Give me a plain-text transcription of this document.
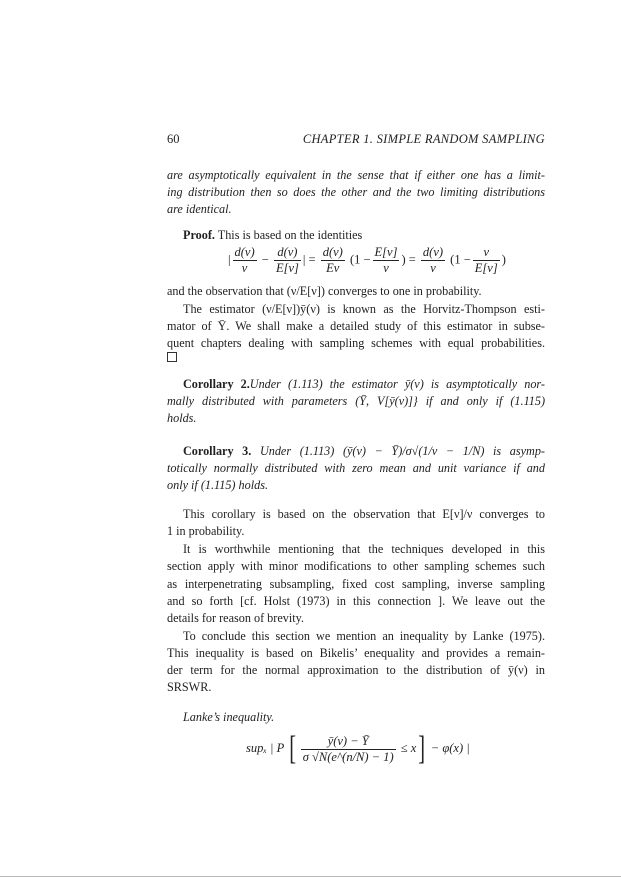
60	CHAPTER 1. SIMPLE RANDOM SAMPLING
are asymptotically equivalent in the sense that if either one has a limit-
ing distribution then so does the other and the two limiting distributions
are identical.
Proof. This is based on the identities
| $\frac{d(\nu)}{\nu} - \frac{d(\nu)}{E[\nu]}$ | = $\frac{d(\nu)}{E\nu} (1 - \frac{E[\nu]}{\nu}$ ) = $\frac{d(\nu)}{\nu} (1 - \frac{\nu}{E[\nu]}$ )
and the observation that (ν/E[ν]) converges to one in probability.
The estimator (ν/E[ν])ȳ(ν) is known as the Horvitz-Thompson esti-
mator of Ȳ. We shall make a detailed study of this estimator in subse-
quent chapters dealing with sampling schemes with equal probabilities.
Corollary 2.Under (1.113) the estimator ȳ(ν) is asymptotically nor-
mally distributed with parameters (Ȳ, V[ȳ(ν)]} if and only if (1.115)
holds.
Corollary 3. Under (1.113) (ȳ(ν) − Ȳ)/σ√(1/ν − 1/N) is asymp-
totically normally distributed with zero mean and unit variance if and
only if (1.115) holds.
This corollary is based on the observation that E[ν]/ν converges to
1 in probability.
It is worthwhile mentioning that the techniques developed in this
section apply with minor modifications to other sampling schemes such
as interpenetrating subsampling, fixed cost sampling, inverse sampling
and so forth [cf. Holst (1973) in this connection ]. We leave out the
details for reason of brevity.
To conclude this section we mention an inequality by Lanke (1975).
This inequality is based on Bikelis’ enequality and provides a remain-
der term for the normal approximation to the distribution of ȳ(ν) in
SRSWR.
Lanke’s inequality.
supₓ | P [ $\frac{ȳ(\nu) - Ȳ}{\sigma √N(e\^{}(n/N) - 1)} \le x] - \varphi(x)$ |
